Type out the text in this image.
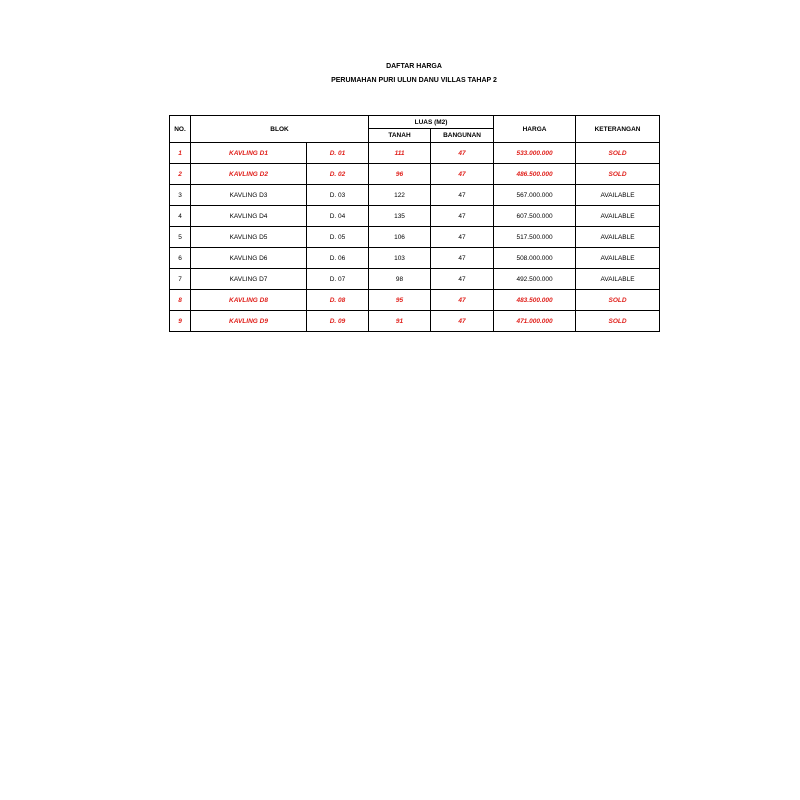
DAFTAR HARGA
PERUMAHAN PURI ULUN DANU VILLAS TAHAP 2
NO.	BLOK		LUAS (M2)		HARGA	KETERANGAN
			TANAH	BANGUNAN		
1	KAVLING D1	D. 01	111	47	533.000.000	SOLD
2	KAVLING D2	D. 02	96	47	486.500.000	SOLD
3	KAVLING D3	D. 03	122	47	567.000.000	AVAILABLE
4	KAVLING D4	D. 04	135	47	607.500.000	AVAILABLE
5	KAVLING D5	D. 05	106	47	517.500.000	AVAILABLE
6	KAVLING D6	D. 06	103	47	508.000.000	AVAILABLE
7	KAVLING D7	D. 07	98	47	492.500.000	AVAILABLE
8	KAVLING D8	D. 08	95	47	483.500.000	SOLD
9	KAVLING D9	D. 09	91	47	471.000.000	SOLD
